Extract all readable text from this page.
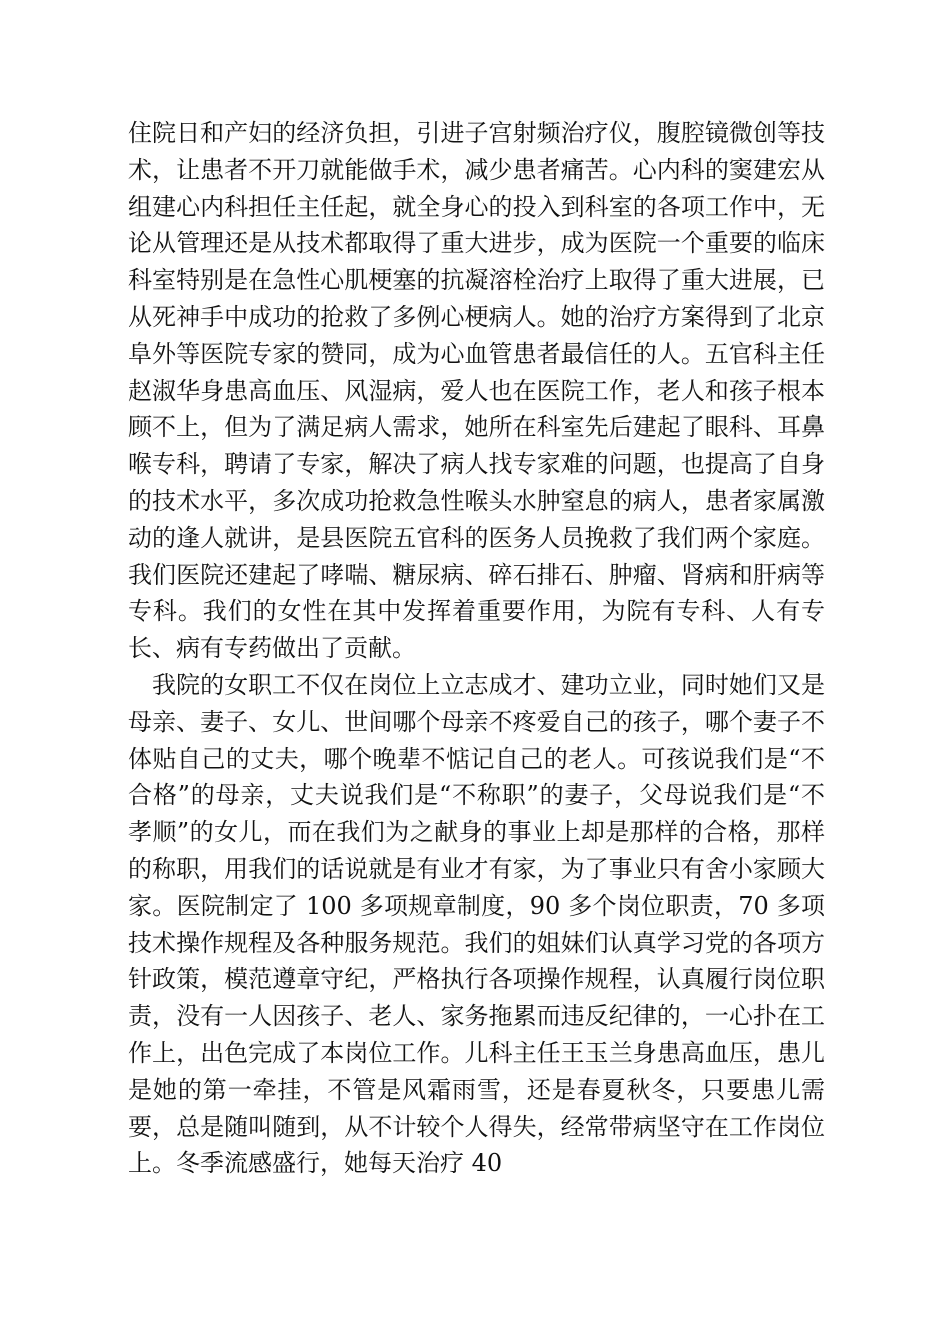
住院日和产妇的经济负担，引进子宫射频治疗仪，腹腔镜微创等技术，让患者不开刀就能做手术，减少患者痛苦。心内科的窦建宏从组建心内科担任主任起，就全身心的投入到科室的各项工作中，无论从管理还是从技术都取得了重大进步，成为医院一个重要的临床科室特别是在急性心肌梗塞的抗凝溶栓治疗上取得了重大进展，已从死神手中成功的抢救了多例心梗病人。她的治疗方案得到了北京阜外等医院专家的赞同，成为心血管患者最信任的人。五官科主任赵淑华身患高血压、风湿病，爱人也在医院工作，老人和孩子根本顾不上，但为了满足病人需求，她所在科室先后建起了眼科、耳鼻喉专科，聘请了专家，解决了病人找专家难的问题，也提高了自身的技术水平，多次成功抢救急性喉头水肿窒息的病人，患者家属激动的逢人就讲，是县医院五官科的医务人员挽救了我们两个家庭。我们医院还建起了哮喘、糖尿病、碎石排石、肿瘤、肾病和肝病等专科。我们的女性在其中发挥着重要作用，为院有专科、人有专长、病有专药做出了贡献。

我院的女职工不仅在岗位上立志成才、建功立业，同时她们又是母亲、妻子、女儿、世间哪个母亲不疼爱自己的孩子，哪个妻子不体贴自己的丈夫，哪个晚辈不惦记自己的老人。可孩说我们是“不合格”的母亲，丈夫说我们是“不称职”的妻子，父母说我们是“不孝顺”的女儿，而在我们为之献身的事业上却是那样的合格，那样的称职，用我们的话说就是有业才有家，为了事业只有舍小家顾大家。医院制定了 100 多项规章制度，90 多个岗位职责，70 多项技术操作规程及各种服务规范。我们的姐妹们认真学习党的各项方针政策，模范遵章守纪，严格执行各项操作规程，认真履行岗位职责，没有一人因孩子、老人、家务拖累而违反纪律的，一心扑在工作上，出色完成了本岗位工作。儿科主任王玉兰身患高血压，患儿是她的第一牵挂，不管是风霜雨雪，还是春夏秋冬，只要患儿需要，总是随叫随到，从不计较个人得失，经常带病坚守在工作岗位上。冬季流感盛行，她每天治疗 40
